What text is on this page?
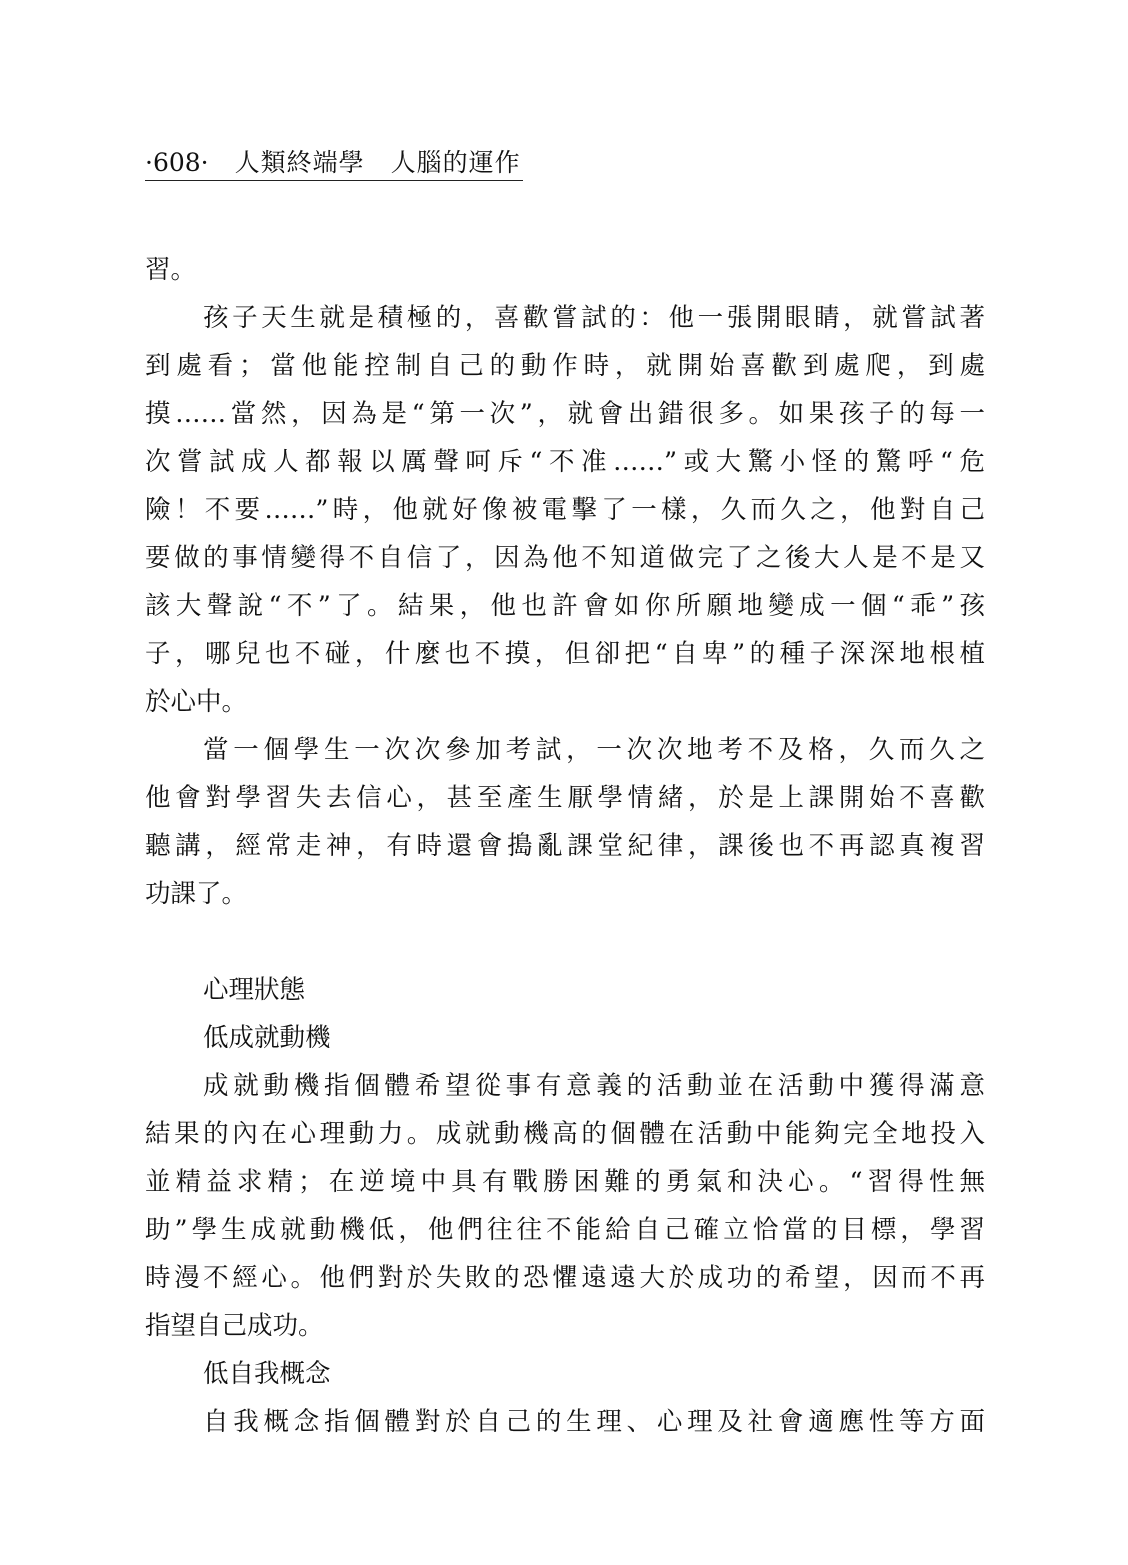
·608· 人類終端學 人腦的運作
習。
孩子天生就是積極的，喜歡嘗試的：他一張開眼睛，就嘗試著
到處看；當他能控制自己的動作時，就開始喜歡到處爬，到處
摸……當然，因為是“第一次”，就會出錯很多。如果孩子的每一
次嘗試成人都報以厲聲呵斥“不准……”或大驚小怪的驚呼“危
險！不要……”時，他就好像被電擊了一樣，久而久之，他對自己
要做的事情變得不自信了，因為他不知道做完了之後大人是不是又
該大聲說“不”了。結果，他也許會如你所願地變成一個“乖”孩
子，哪兒也不碰，什麼也不摸，但卻把“自卑”的種子深深地根植
於心中。
當一個學生一次次參加考試，一次次地考不及格，久而久之
他會對學習失去信心，甚至產生厭學情緒，於是上課開始不喜歡
聽講，經常走神，有時還會搗亂課堂紀律，課後也不再認真複習
功課了。
心理狀態
低成就動機
成就動機指個體希望從事有意義的活動並在活動中獲得滿意
結果的內在心理動力。成就動機高的個體在活動中能夠完全地投入
並精益求精；在逆境中具有戰勝困難的勇氣和決心。“習得性無
助”學生成就動機低，他們往往不能給自己確立恰當的目標，學習
時漫不經心。他們對於失敗的恐懼遠遠大於成功的希望，因而不再
指望自己成功。
低自我概念
自我概念指個體對於自己的生理、心理及社會適應性等方面
